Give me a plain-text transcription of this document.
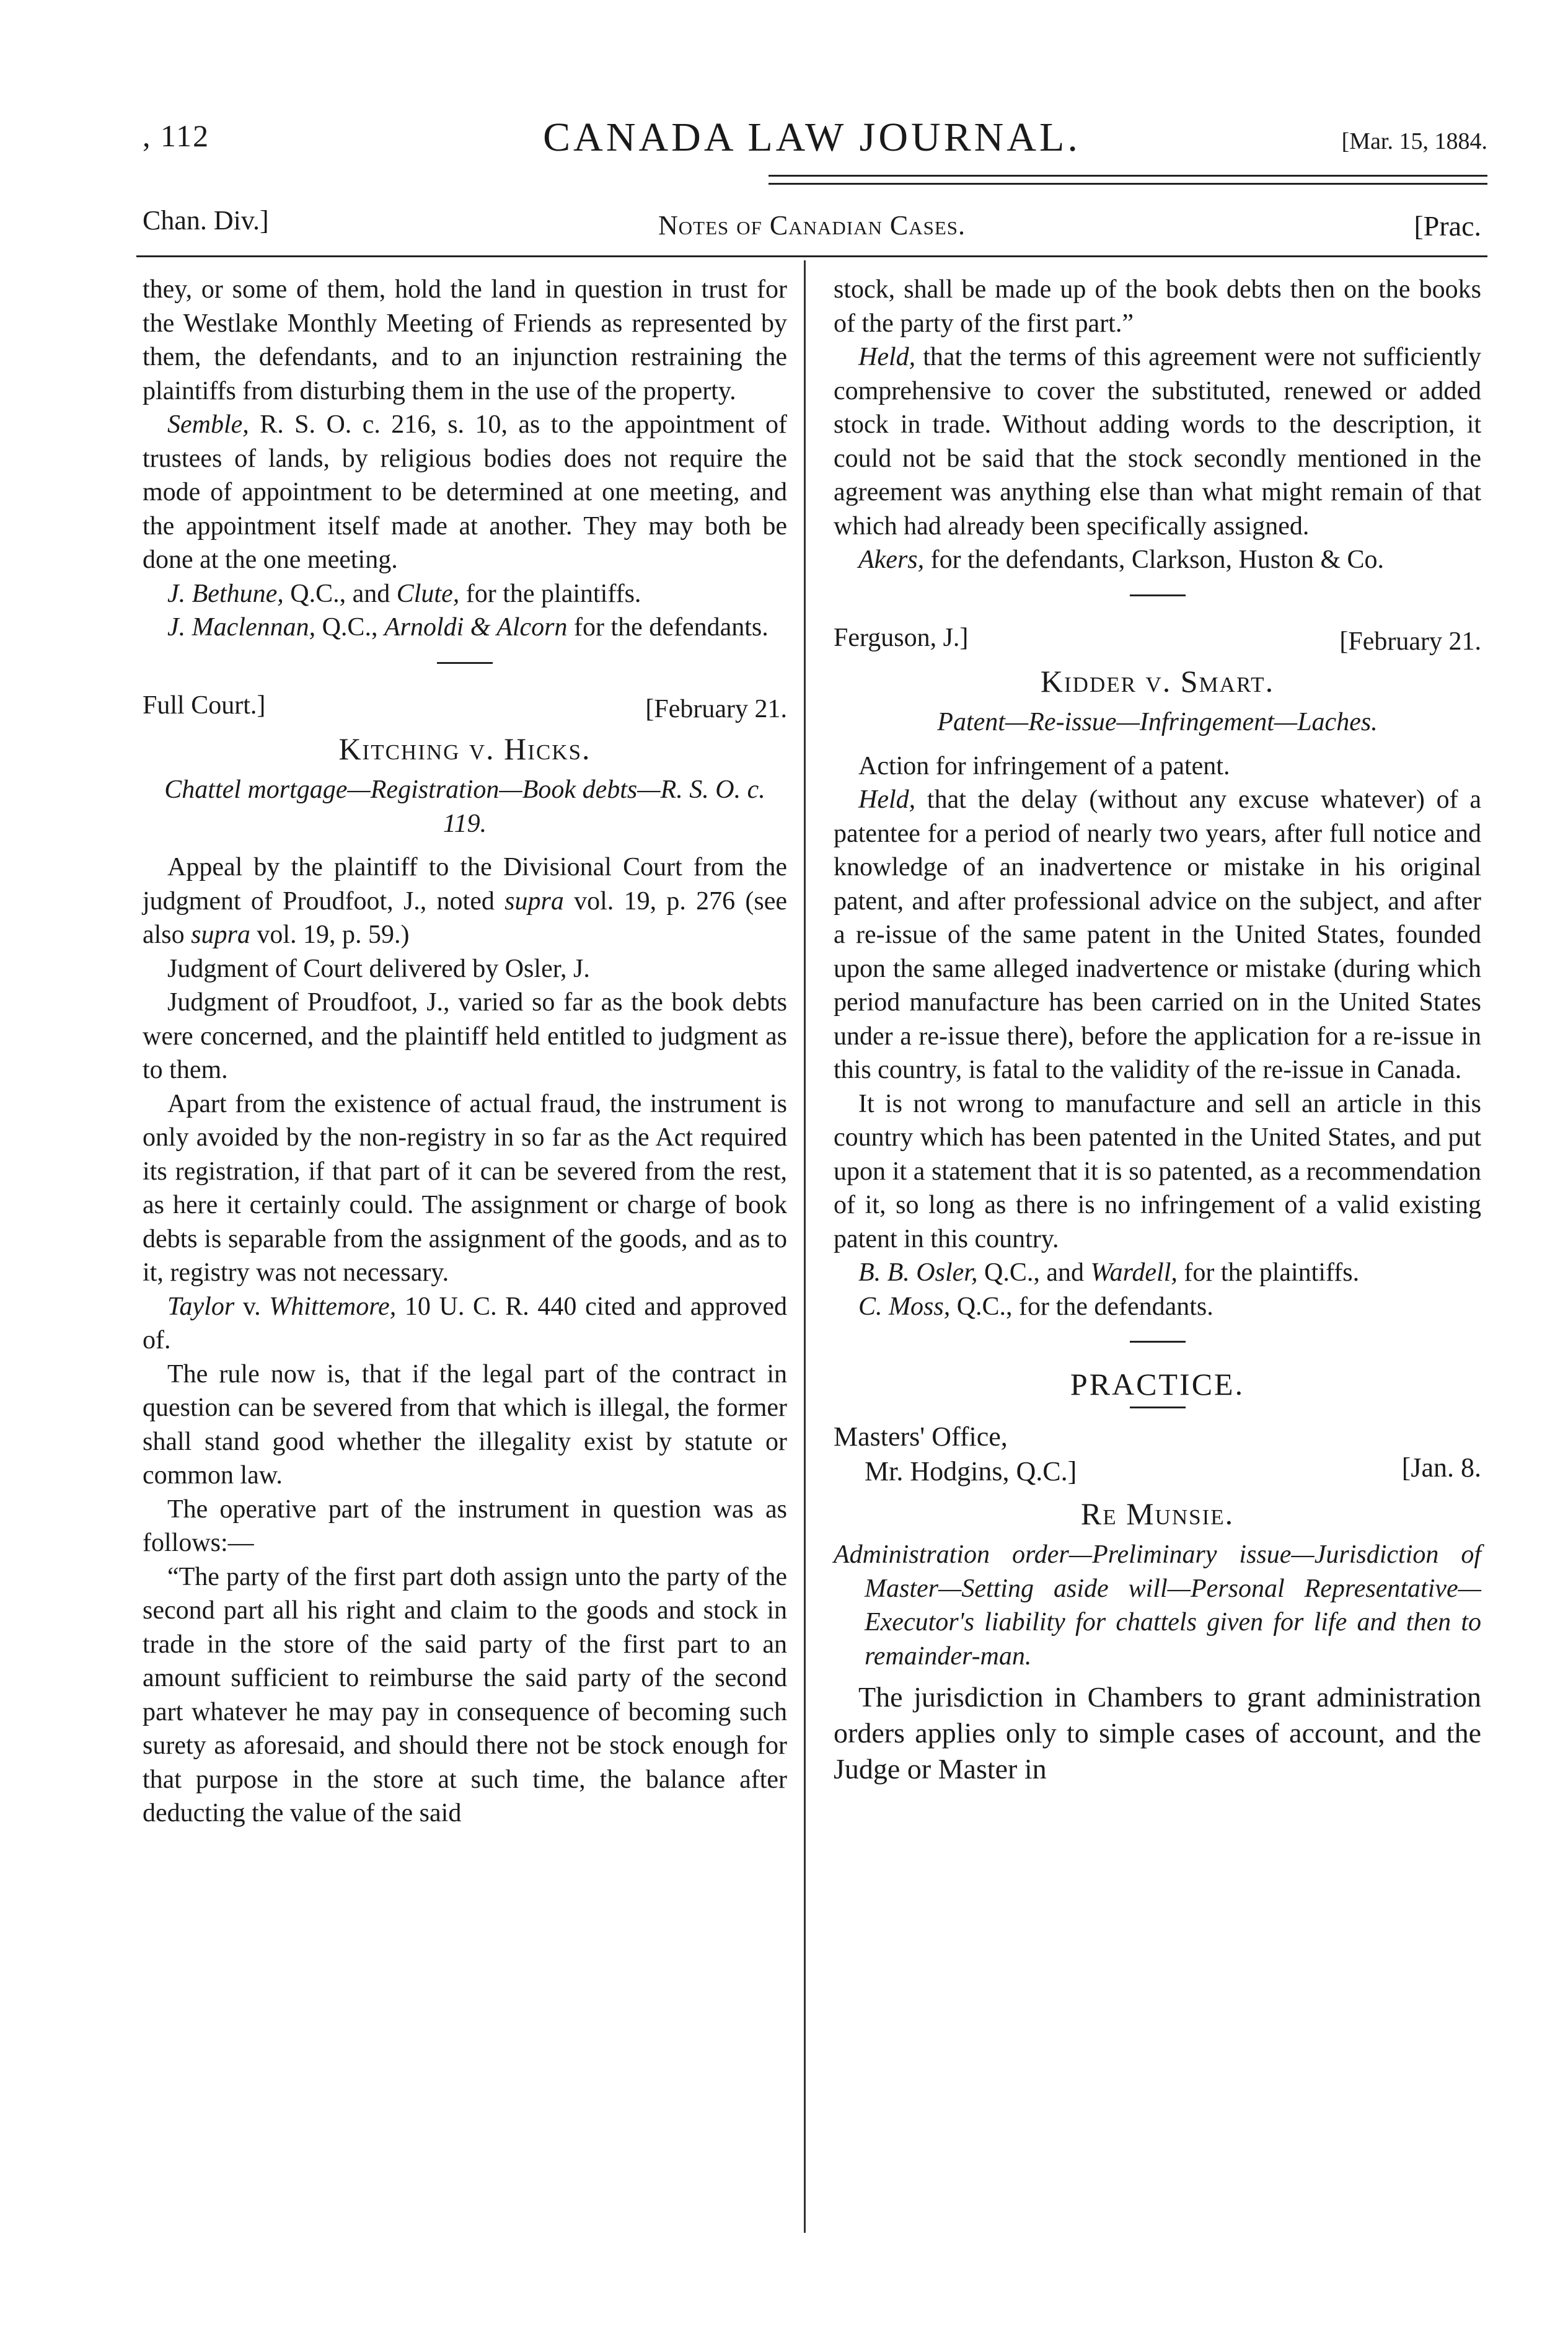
, 112	CANADA LAW JOURNAL.	[Mar. 15, 1884.
Chan. Div.]	Notes of Canadian Cases.	[Prac.

they, or some of them, hold the land in question in trust for the Westlake Monthly Meeting of Friends as represented by them, the defendants, and to an injunction restraining the plaintiffs from disturbing them in the use of the property.

Semble, R. S. O. c. 216, s. 10, as to the appointment of trustees of lands, by religious bodies does not require the mode of appointment to be determined at one meeting, and the appointment itself made at another. They may both be done at the one meeting.

J. Bethune, Q.C., and Clute, for the plaintiffs.

J. Maclennan, Q.C., Arnoldi & Alcorn for the defendants.

Full Court.]	[February 21.
Kitching v. Hicks.
Chattel mortgage—Registration—Book debts—R. S. O. c. 119.

Appeal by the plaintiff to the Divisional Court from the judgment of Proudfoot, J., noted supra vol. 19, p. 276 (see also supra vol. 19, p. 59.)

Judgment of Court delivered by Osler, J.

Judgment of Proudfoot, J., varied so far as the book debts were concerned, and the plaintiff held entitled to judgment as to them.

Apart from the existence of actual fraud, the instrument is only avoided by the non-registry in so far as the Act required its registration, if that part of it can be severed from the rest, as here it certainly could. The assignment or charge of book debts is separable from the assignment of the goods, and as to it, registry was not necessary.

Taylor v. Whittemore, 10 U. C. R. 440 cited and approved of.

The rule now is, that if the legal part of the contract in question can be severed from that which is illegal, the former shall stand good whether the illegality exist by statute or common law.

The operative part of the instrument in question was as follows:—

“The party of the first part doth assign unto the party of the second part all his right and claim to the goods and stock in trade in the store of the said party of the first part to an amount sufficient to reimburse the said party of the second part whatever he may pay in consequence of becoming such surety as aforesaid, and should there not be stock enough for that purpose in the store at such time, the balance after deducting the value of the said

stock, shall be made up of the book debts then on the books of the party of the first part.”

Held, that the terms of this agreement were not sufficiently comprehensive to cover the substituted, renewed or added stock in trade. Without adding words to the description, it could not be said that the stock secondly mentioned in the agreement was anything else than what might remain of that which had already been specifically assigned.

Akers, for the defendants, Clarkson, Huston & Co.

Ferguson, J.]	[February 21.
Kidder v. Smart.
Patent—Re-issue—Infringement—Laches.

Action for infringement of a patent.

Held, that the delay (without any excuse whatever) of a patentee for a period of nearly two years, after full notice and knowledge of an inadvertence or mistake in his original patent, and after professional advice on the subject, and after a re-issue of the same patent in the United States, founded upon the same alleged inadvertence or mistake (during which period manufacture has been carried on in the United States under a re-issue there), before the application for a re-issue in this country, is fatal to the validity of the re-issue in Canada.

It is not wrong to manufacture and sell an article in this country which has been patented in the United States, and put upon it a statement that it is so patented, as a recommendation of it, so long as there is no infringement of a valid existing patent in this country.

B. B. Osler, Q.C., and Wardell, for the plaintiffs.

C. Moss, Q.C., for the defendants.

PRACTICE.
Masters' Office,
Mr. Hodgins, Q.C.]	[Jan. 8.
Re Munsie.
Administration order—Preliminary issue—Jurisdiction of Master—Setting aside will—Personal Representative—Executor's liability for chattels given for life and then to remainder-man.

The jurisdiction in Chambers to grant administration orders applies only to simple cases of account, and the Judge or Master in
